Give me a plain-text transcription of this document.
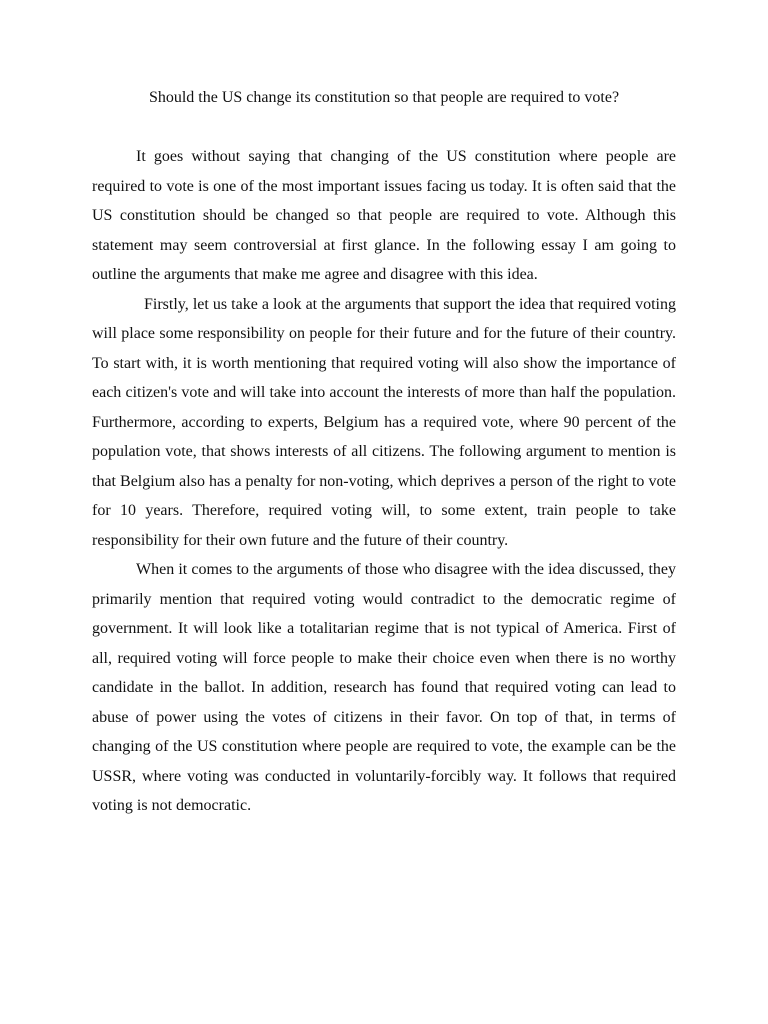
Should the US change its constitution so that people are required to vote?

It goes without saying that changing of the US constitution where people are required to vote is one of the most important issues facing us today. It is often said that the US constitution should be changed so that people are required to vote. Although this statement may seem controversial at first glance. In the following essay I am going to outline the arguments that make me agree and disagree with this idea.

Firstly, let us take a look at the arguments that support the idea that required voting will place some responsibility on people for their future and for the future of their country. To start with, it is worth mentioning that required voting will also show the importance of each citizen's vote and will take into account the interests of more than half the population. Furthermore, according to experts, Belgium has a required vote, where 90 percent of the population vote, that shows interests of all citizens. The following argument to mention is that Belgium also has a penalty for non-voting, which deprives a person of the right to vote for 10 years. Therefore, required voting will, to some extent, train people to take responsibility for their own future and the future of their country.

When it comes to the arguments of those who disagree with the idea discussed, they primarily mention that required voting would contradict to the democratic regime of government. It will look like a totalitarian regime that is not typical of America. First of all, required voting will force people to make their choice even when there is no worthy candidate in the ballot. In addition, research has found that required voting can lead to abuse of power using the votes of citizens in their favor. On top of that, in terms of changing of the US constitution where people are required to vote, the example can be the USSR, where voting was conducted in voluntarily-forcibly way. It follows that required voting is not democratic.
